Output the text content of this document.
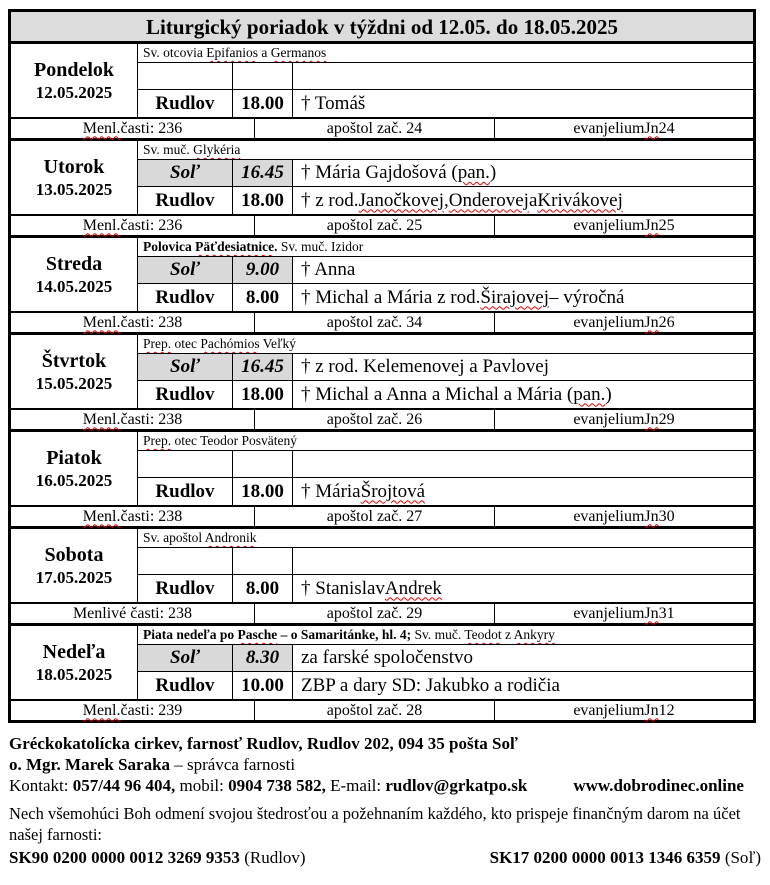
Liturgický poriadok v týždni od 12.05. do 18.05.2025
Pondelok
12.05.2025
Sv. otcovia Epifanios a Germanos
Rudlov	18.00 † Tomáš
Menl. časti: 236	apoštol zač. 24	evanjelium Jn 24
Utorok
13.05.2025
Sv. muč. Glykéria
Soľ	16.45 † Mária Gajdošová ( pan. )
Rudlov	18.00 † z rod. Janočkovej , Onderovej a Krivákovej
Menl. časti: 236	apoštol zač. 25	evanjelium Jn 25
Streda
14.05.2025
Polovica Päťdesiatnice. Sv. muč. Izidor
Soľ	9.00	† Anna
Rudlov	8.00	† Michal a Mária z rod. Širajovej – výročná
Menl. časti: 238	apoštol zač. 34	evanjelium Jn 26
Štvrtok
15.05.2025
Prep. otec Pachómios Veľký
Soľ	16.45 † z rod. Kelemenovej a Pavlovej
Rudlov	18.00 † Michal a Anna a Michal a Mária ( pan. )
Menl. časti: 238	apoštol zač. 26	evanjelium Jn 29
Piatok
16.05.2025
Prep. otec Teodor Posvätený
Rudlov	18.00 † Mária Šrojtová
Menl. časti: 238	apoštol zač. 27	evanjelium Jn 30
Sobota
17.05.2025
Sv. apoštol Andronik
Rudlov	8.00	† Stanislav Andrek
Menlivé časti: 238	apoštol zač. 29	evanjelium Jn 31
Nedeľa
18.05.2025
Piata nedeľa po Pasche – o Samaritánke, hl. 4; Sv. muč. Teodot z Ankyry
Soľ	8.30	za farské spoločenstvo
Rudlov	10.00 ZBP a dary SD: Jakubko a rodičia
Menl. časti: 239	apoštol zač. 28	evanjelium Jn 12
Gréckokatolícka cirkev, farnosť Rudlov, Rudlov 202, 094 35 pošta Soľ
o. Mgr. Marek Saraka – správca farnosti
Kontakt: 057/44 96 404, mobil: 0904 738 582, E-mail: rudlov@grkatpo.sk	www.dobrodinec.online
Nech všemohúci Boh odmení svojou štedrosťou a požehnaním každého, kto prispeje finančným darom na účet našej farnosti:
SK90 0200 0000 0012 3269 9353 (Rudlov)	SK17 0200 0000 0013 1346 6359 (Soľ)
